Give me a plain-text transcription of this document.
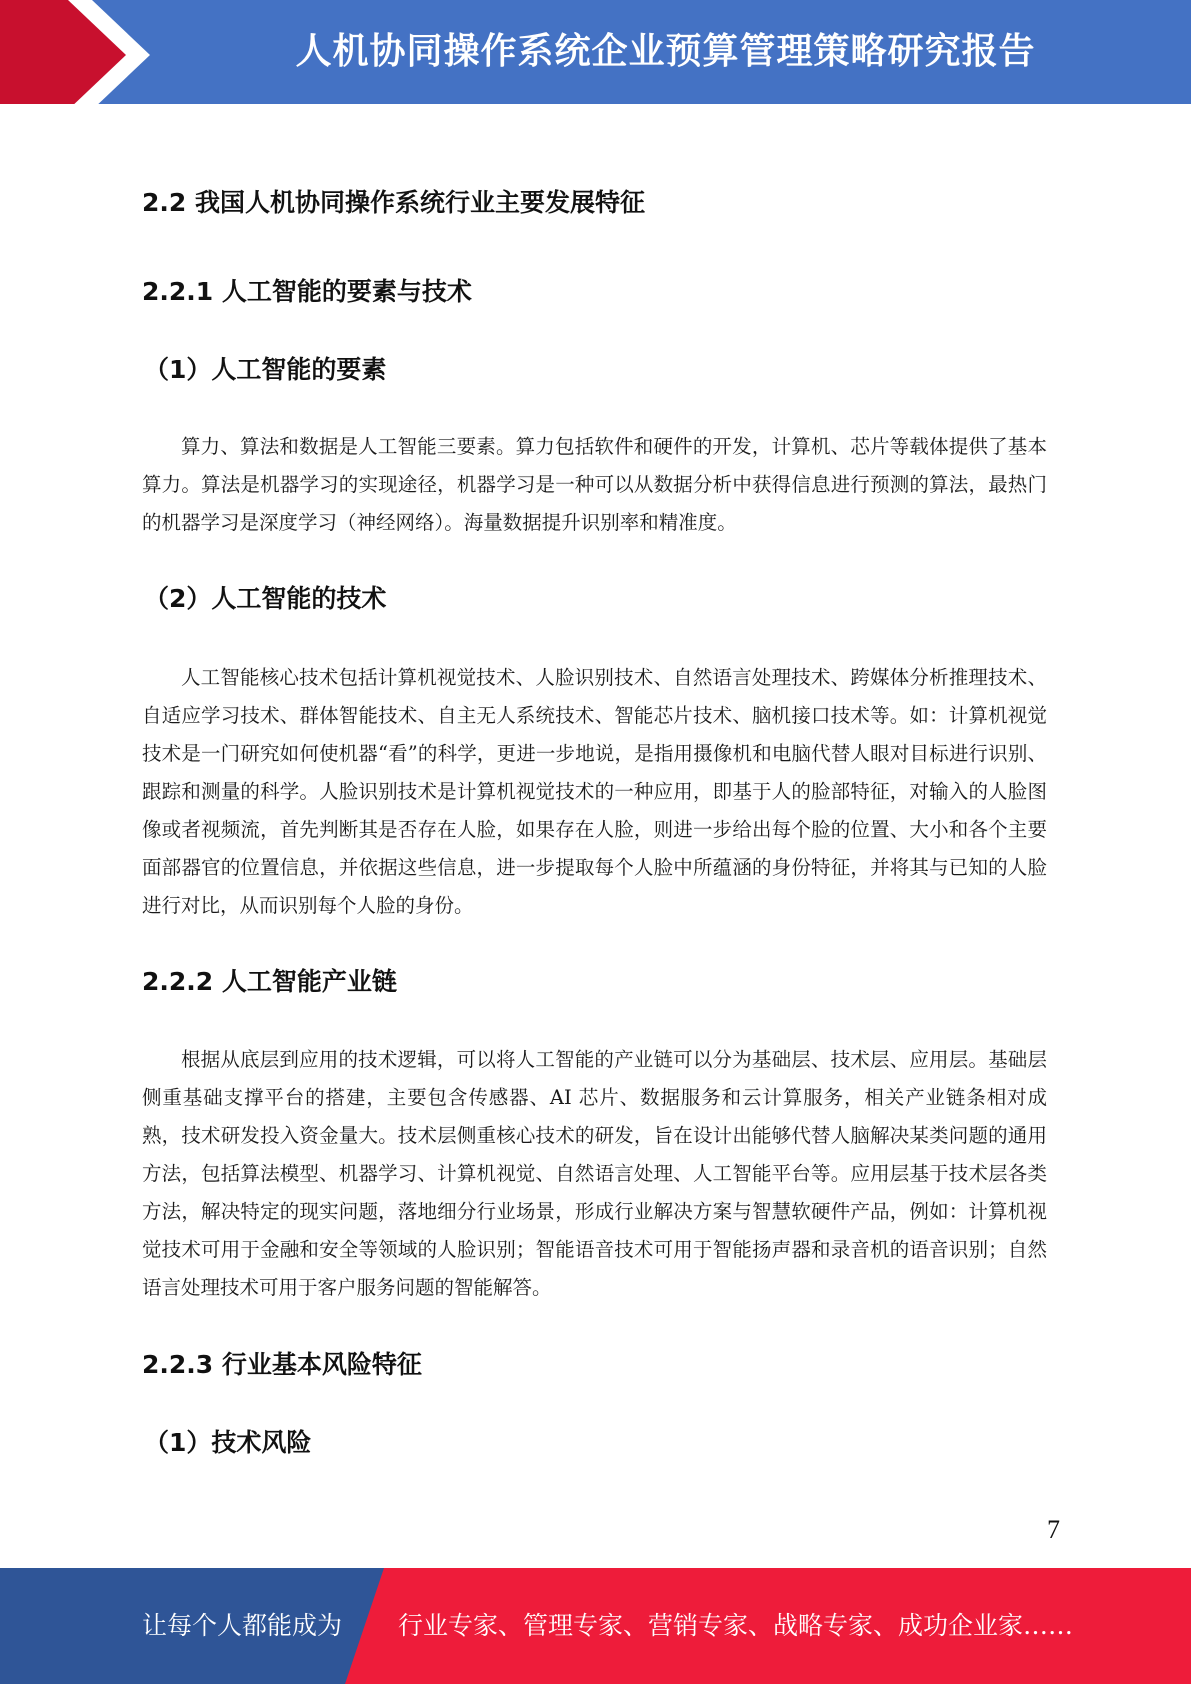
人机协同操作系统企业预算管理策略研究报告
2.2 我国人机协同操作系统行业主要发展特征
2.2.1 人工智能的要素与技术
（1）人工智能的要素

算力、算法和数据是人工智能三要素。算力包括软件和硬件的开发，计算机、芯片等载体提供了基本算力。算法是机器学习的实现途径，机器学习是一种可以从数据分析中获得信息进行预测的算法，最热门的机器学习是深度学习（神经网络）。海量数据提升识别率和精准度。

（2）人工智能的技术

人工智能核心技术包括计算机视觉技术、人脸识别技术、自然语言处理技术、跨媒体分析推理技术、自适应学习技术、群体智能技术、自主无人系统技术、智能芯片技术、脑机接口技术等。如：计算机视觉技术是一门研究如何使机器“看”的科学，更进一步地说，是指用摄像机和电脑代替人眼对目标进行识别、跟踪和测量的科学。人脸识别技术是计算机视觉技术的一种应用，即基于人的脸部特征，对输入的人脸图像或者视频流，首先判断其是否存在人脸，如果存在人脸，则进一步给出每个脸的位置、大小和各个主要面部器官的位置信息，并依据这些信息，进一步提取每个人脸中所蕴涵的身份特征，并将其与已知的人脸进行对比，从而识别每个人脸的身份。

2.2.2 人工智能产业链

根据从底层到应用的技术逻辑，可以将人工智能的产业链可以分为基础层、技术层、应用层。基础层侧重基础支撑平台的搭建，主要包含传感器、AI 芯片、数据服务和云计算服务，相关产业链条相对成熟，技术研发投入资金量大。技术层侧重核心技术的研发，旨在设计出能够代替人脑解决某类问题的通用方法，包括算法模型、机器学习、计算机视觉、自然语言处理、人工智能平台等。应用层基于技术层各类方法，解决特定的现实问题，落地细分行业场景，形成行业解决方案与智慧软硬件产品，例如：计算机视觉技术可用于金融和安全等领域的人脸识别；智能语音技术可用于智能扬声器和录音机的语音识别；自然语言处理技术可用于客户服务问题的智能解答。

2.2.3 行业基本风险特征
（1）技术风险
7
让每个人都能成为 行业专家、管理专家、营销专家、战略专家、成功企业家……
